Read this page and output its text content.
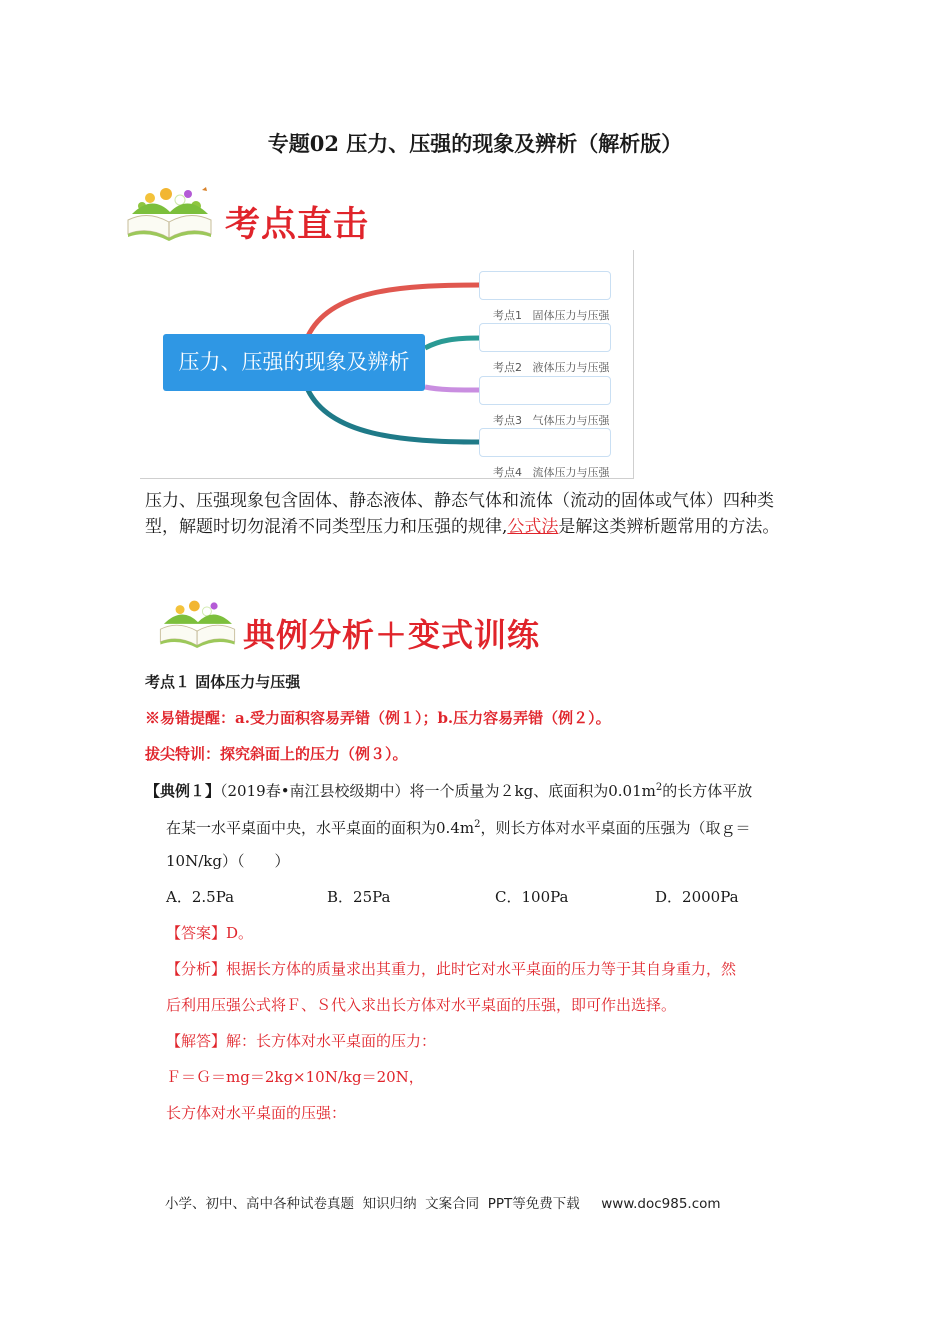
专题02 压力、压强的现象及辨析（解析版）
考点直击
压力、压强的现象及辨析

考点1 固体压力与压强

考点2 液体压力与压强

考点3 气体压力与压强

考点4 流体压力与压强

压力、压强现象包含固体、静态液体、静态气体和流体（流动的固体或气体）四种类型，解题时切勿混淆不同类型压力和压强的规律,公式法是解这类辨析题常用的方法。
典例分析＋变式训练
考点１ 固体压力与压强
※易错提醒：a.受力面积容易弄错（例１）；b.压力容易弄错（例２）。
拔尖特训：探究斜面上的压力（例３）。
【典例１】（2019春•南江县校级期中）将一个质量为２kg、底面积为$0.01m^2$的长方体平放
在某一水平桌面中央，水平桌面的面积为$0.4m^2$，则长方体对水平桌面的压强为（取ｇ＝
10N/kg）（　　）
A．2.5Pa	B．25Pa	C．100Pa	D．2000Pa
【答案】D。
【分析】根据长方体的质量求出其重力，此时它对水平桌面的压力等于其自身重力，然
后利用压强公式将Ｆ、Ｓ代入求出长方体对水平桌面的压强，即可作出选择。
【解答】解：长方体对水平桌面的压力：
Ｆ＝Ｇ＝mg＝2kg×10N/kg＝20N，
长方体对水平桌面的压强：
小学、初中、高中各种试卷真题  知识归纳  文案合同  PPT等免费下载     www.doc985.com
